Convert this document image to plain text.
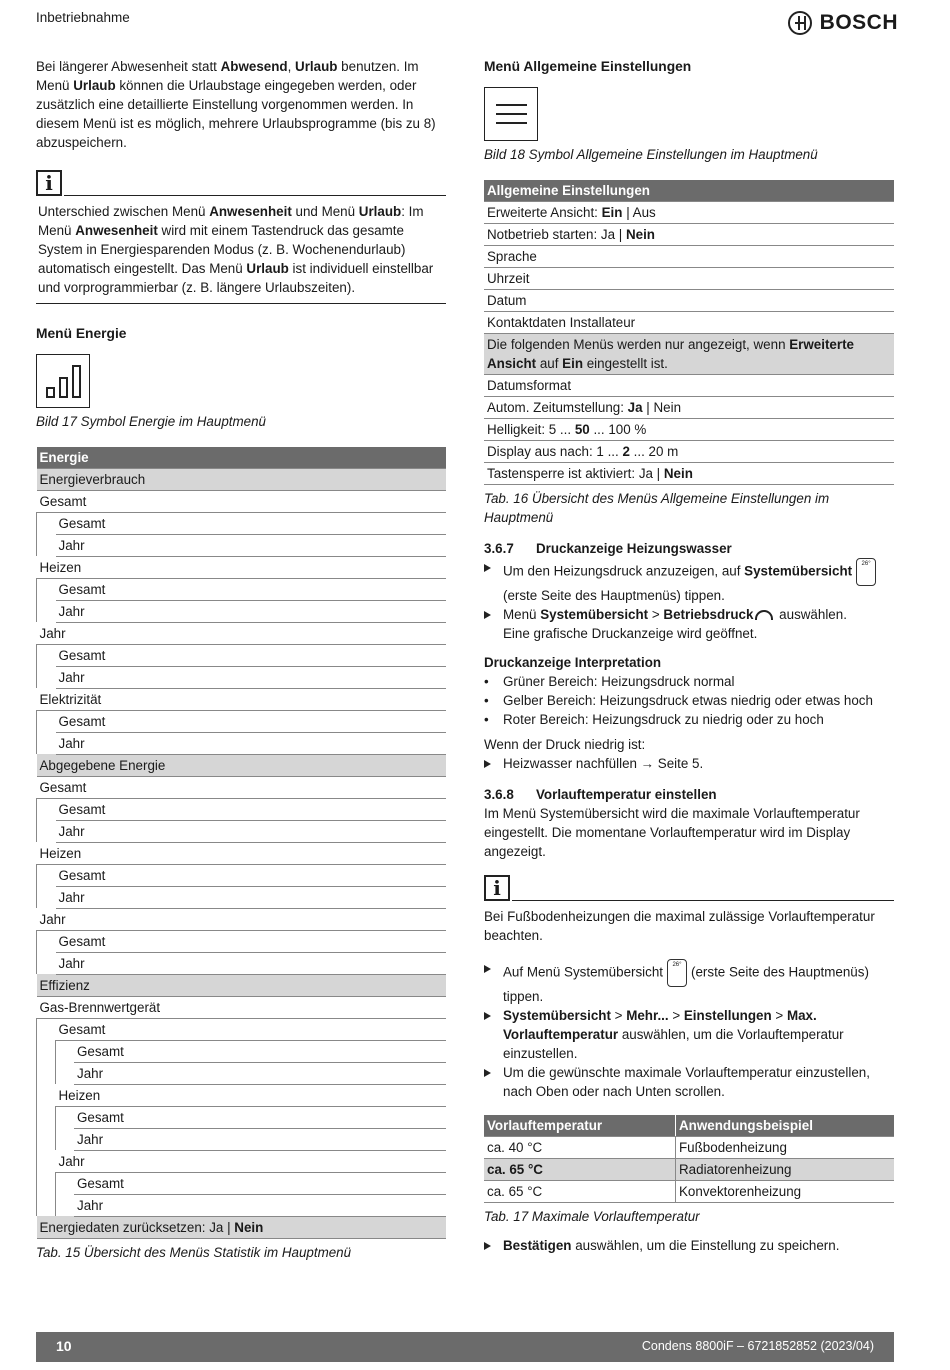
Inbetriebnahme	BOSCH

Bei längerer Abwesenheit statt Abwesend, Urlaub benutzen. Im Menü Urlaub können die Urlaubstage eingegeben werden, oder zusätzlich eine detaillierte Einstellung vorgenommen werden. In diesem Menü ist es möglich, mehrere Urlaubsprogramme (bis zu 8) abzuspeichern.

i
Unterschied zwischen Menü Anwesenheit und Menü Urlaub: Im Menü Anwesenheit wird mit einem Tastendruck das gesamte System in Energiesparenden Modus (z. B. Wochenendurlaub) automatisch eingestellt. Das Menü Urlaub ist individuell einstellbar und vorprogrammierbar (z. B. längere Urlaubszeiten).
Menü Energie
Bild 17 Symbol Energie im Hauptmenü
Energie		
Energieverbrauch		
Gesamt		
	Gesamt	
	Jahr	
Heizen		
	Gesamt	
	Jahr	
Jahr		
	Gesamt	
	Jahr	
Elektrizität		
	Gesamt	
	Jahr	
Abgegebene Energie		
Gesamt		
	Gesamt	
	Jahr	
Heizen		
	Gesamt	
	Jahr	
Jahr		
	Gesamt	
	Jahr	
Effizienz		
Gas-Brennwertgerät		
	Gesamt	
		Gesamt
		Jahr
	Heizen	
		Gesamt
		Jahr
	Jahr	
		Gesamt
		Jahr
Energiedaten zurücksetzen: Ja | Nein		
Tab. 15 Übersicht des Menüs Statistik im Hauptmenü
Menü Allgemeine Einstellungen
Bild 18 Symbol Allgemeine Einstellungen im Hauptmenü
Allgemeine Einstellungen
Erweiterte Ansicht: Ein | Aus
Notbetrieb starten: Ja | Nein
Sprache
Uhrzeit
Datum
Kontaktdaten Installateur
Die folgenden Menüs werden nur angezeigt, wenn Erweiterte Ansicht auf Ein eingestellt ist.
Datumsformat
Autom. Zeitumstellung: Ja | Nein
Helligkeit: 5 ... 50 ... 100 %
Display aus nach: 1 ... 2 ... 20 m
Tastensperre ist aktiviert: Ja | Nein
Tab. 16 Übersicht des Menüs Allgemeine Einstellungen im Hauptmenü
3.6.7 Druckanzeige Heizungswasser
Um den Heizungsdruck anzuzeigen, auf Systemübersicht 26°(erste Seite des Hauptmenüs) tippen.
Menü Systemübersicht > Betriebsdruck auswählen.
Eine grafische Druckanzeige wird geöffnet.
Druckanzeige Interpretation
•	Grüner Bereich: Heizungsdruck normal
•	Gelber Bereich: Heizungsdruck etwas niedrig oder etwas hoch
•	Roter Bereich: Heizungsdruck zu niedrig oder zu hoch

Wenn der Druck niedrig ist:

Heizwasser nachfüllen → Seite 5.
3.6.8 Vorlauftemperatur einstellen

Im Menü Systemübersicht wird die maximale Vorlauftemperatur eingestellt. Die momentane Vorlauftemperatur wird im Display angezeigt.

i
Bei Fußbodenheizungen die maximal zulässige Vorlauftemperatur beachten.
Auf Menü Systemübersicht 26° (erste Seite des Hauptmenüs) tippen.
Systemübersicht > Mehr... > Einstellungen > Max. Vorlauftemperatur auswählen, um die Vorlauftemperatur einzustellen.
Um die gewünschte maximale Vorlauftemperatur einzustellen, nach Oben oder nach Unten scrollen.
Vorlauftemperatur	Anwendungsbeispiel
ca. 40 °C	Fußbodenheizung
ca. 65 °C	Radiatorenheizung
ca. 65 °C	Konvektorenheizung
Tab. 17 Maximale Vorlauftemperatur
Bestätigen auswählen, um die Einstellung zu speichern.
10	Condens 8800iF – 6721852852 (2023/04)
